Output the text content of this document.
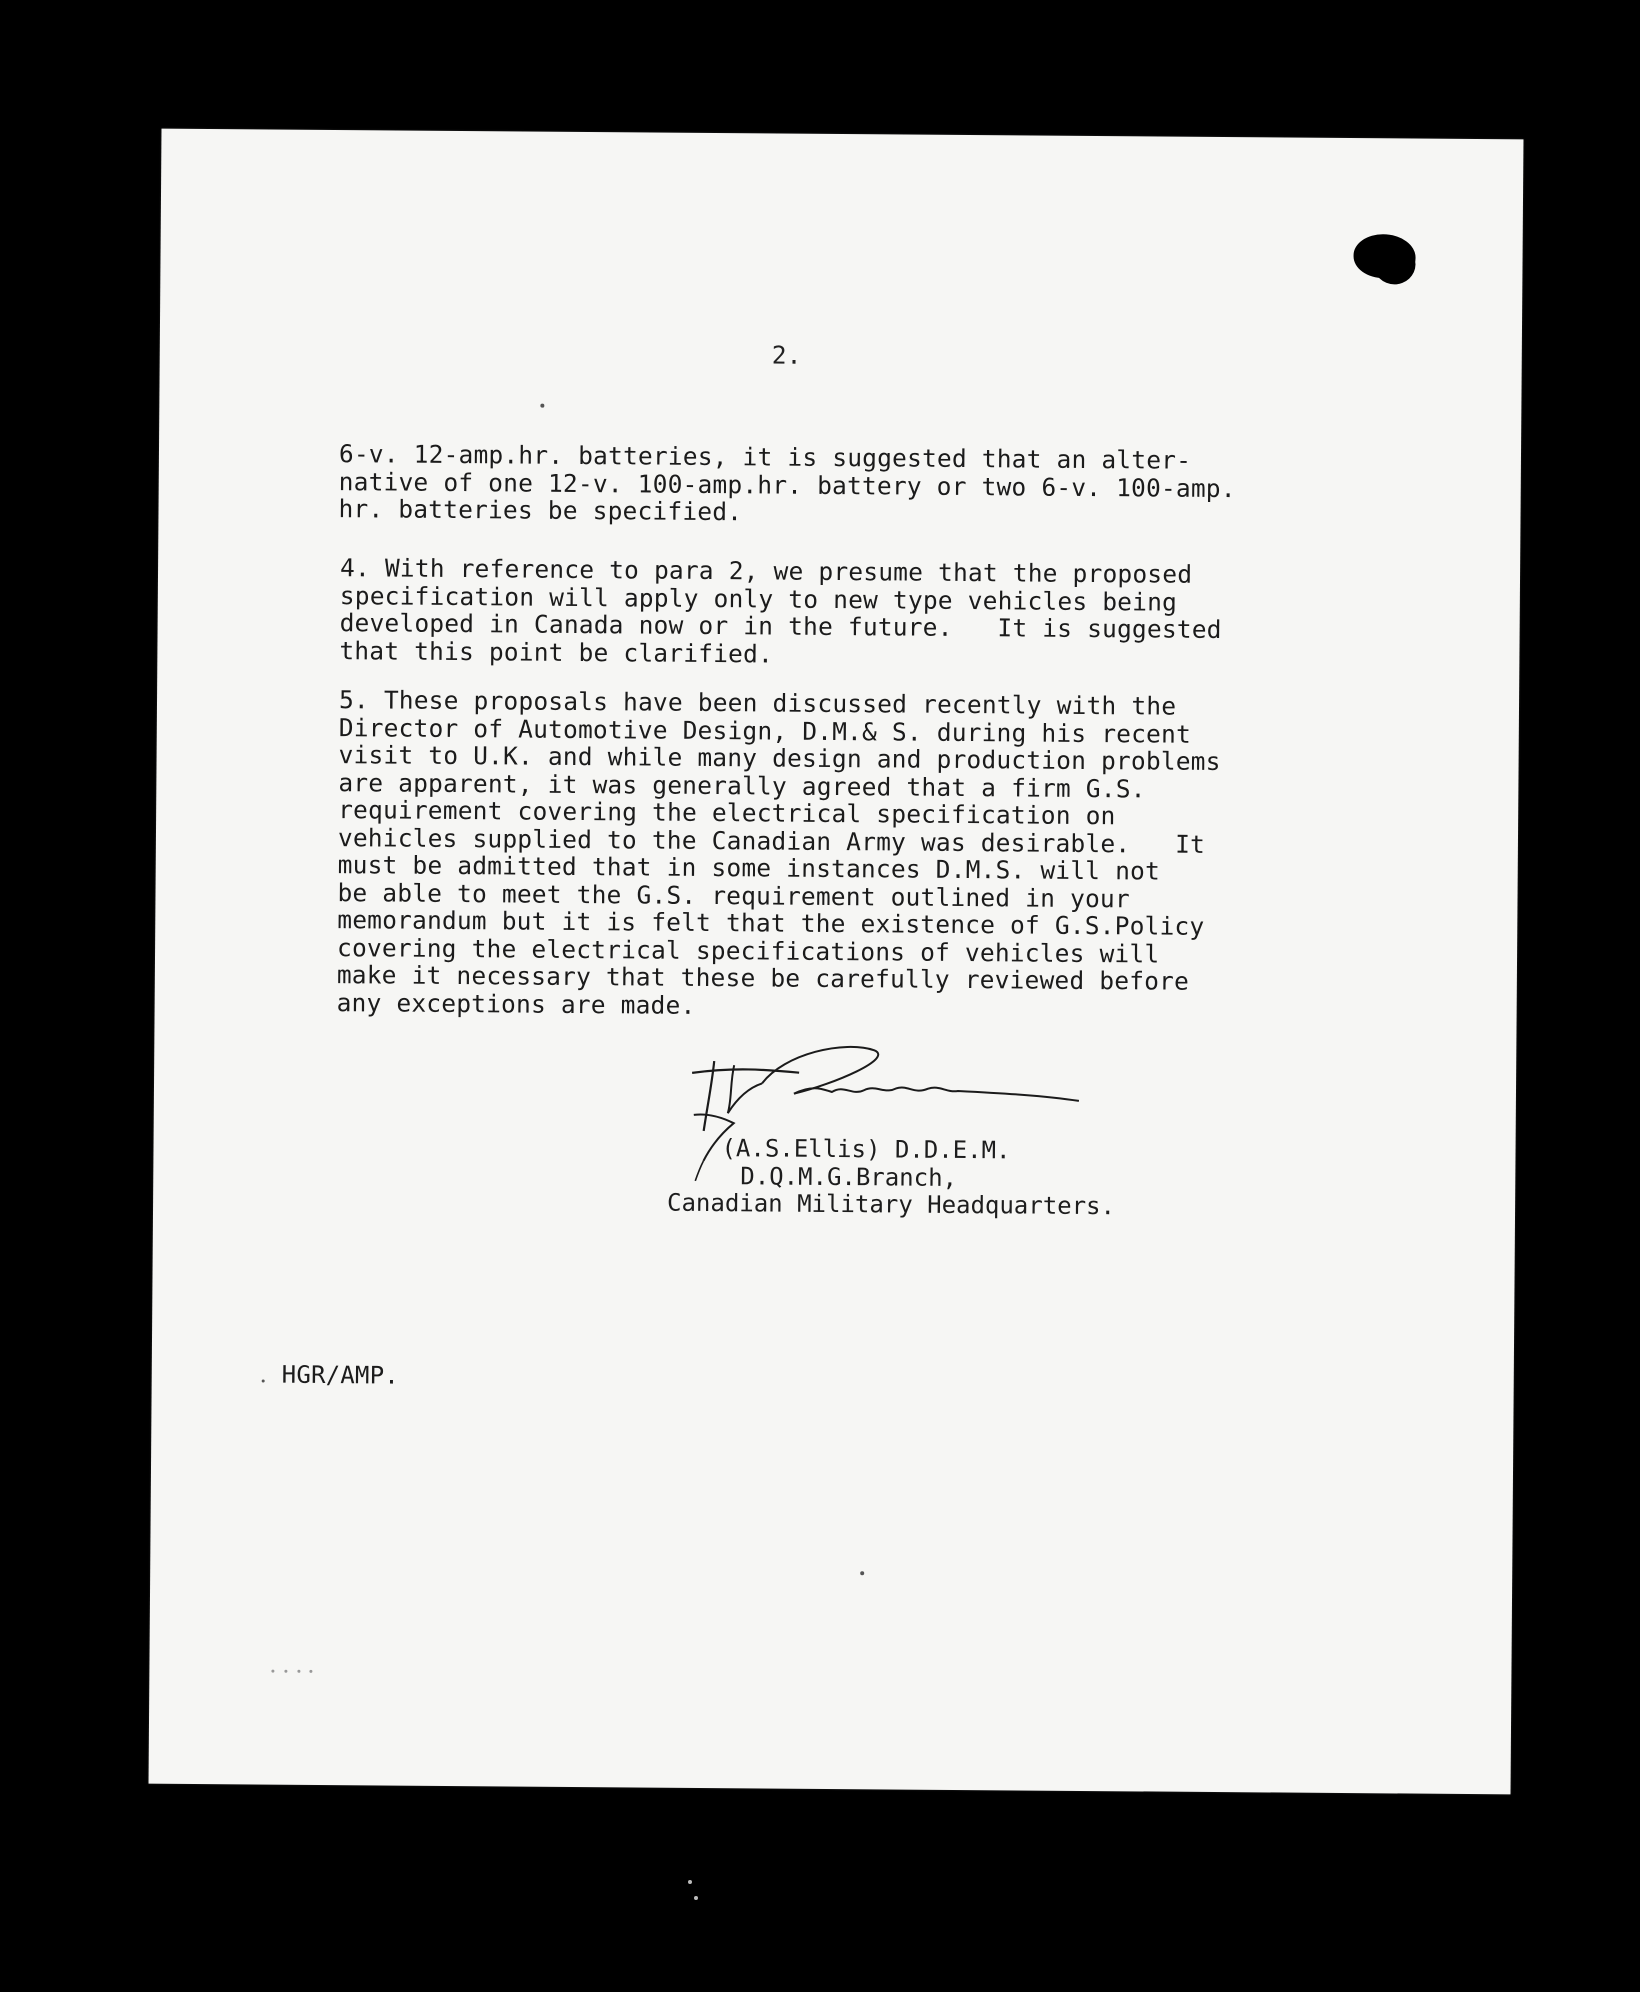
2.
6-v. 12-amp.hr. batteries, it is suggested that an alter-
native of one 12-v. 100-amp.hr. battery or two 6-v. 100-amp.
hr. batteries be specified.
4. With reference to para 2, we presume that the proposed
specification will apply only to new type vehicles being
developed in Canada now or in the future.   It is suggested
that this point be clarified.
5. These proposals have been discussed recently with the
Director of Automotive Design, D.M.& S. during his recent
visit to U.K. and while many design and production problems
are apparent, it was generally agreed that a firm G.S.
requirement covering the electrical specification on
vehicles supplied to the Canadian Army was desirable.   It
must be admitted that in some instances D.M.S. will not
be able to meet the G.S. requirement outlined in your
memorandum but it is felt that the existence of G.S.Policy
covering the electrical specifications of vehicles will
make it necessary that these be carefully reviewed before
any exceptions are made.

(A.S.Ellis) D.D.E.M.

D.Q.M.G.Branch,

Canadian Military Headquarters.

HGR/AMP.
